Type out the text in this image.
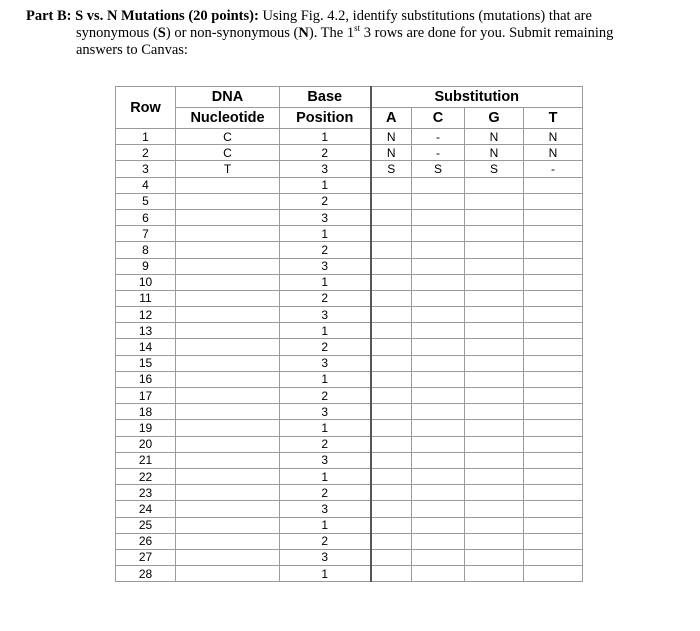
Part B: S vs. N Mutations (20 points): Using Fig. 4.2, identify substitutions (mutations) that are
synonymous (S) or non-synonymous (N). The 1st 3 rows are done for you. Submit remaining
answers to Canvas:
Row	DNA	Base	Substitution			
	Nucleotide	Position	A	C	G	T
1	C	1	N	-	N	N
2	C	2	N	-	N	N
3	T	3	S	S	S	-
4		1				
5		2				
6		3				
7		1				
8		2				
9		3				
10		1				
11		2				
12		3				
13		1				
14		2				
15		3				
16		1				
17		2				
18		3				
19		1				
20		2				
21		3				
22		1				
23		2				
24		3				
25		1				
26		2				
27		3				
28		1				
